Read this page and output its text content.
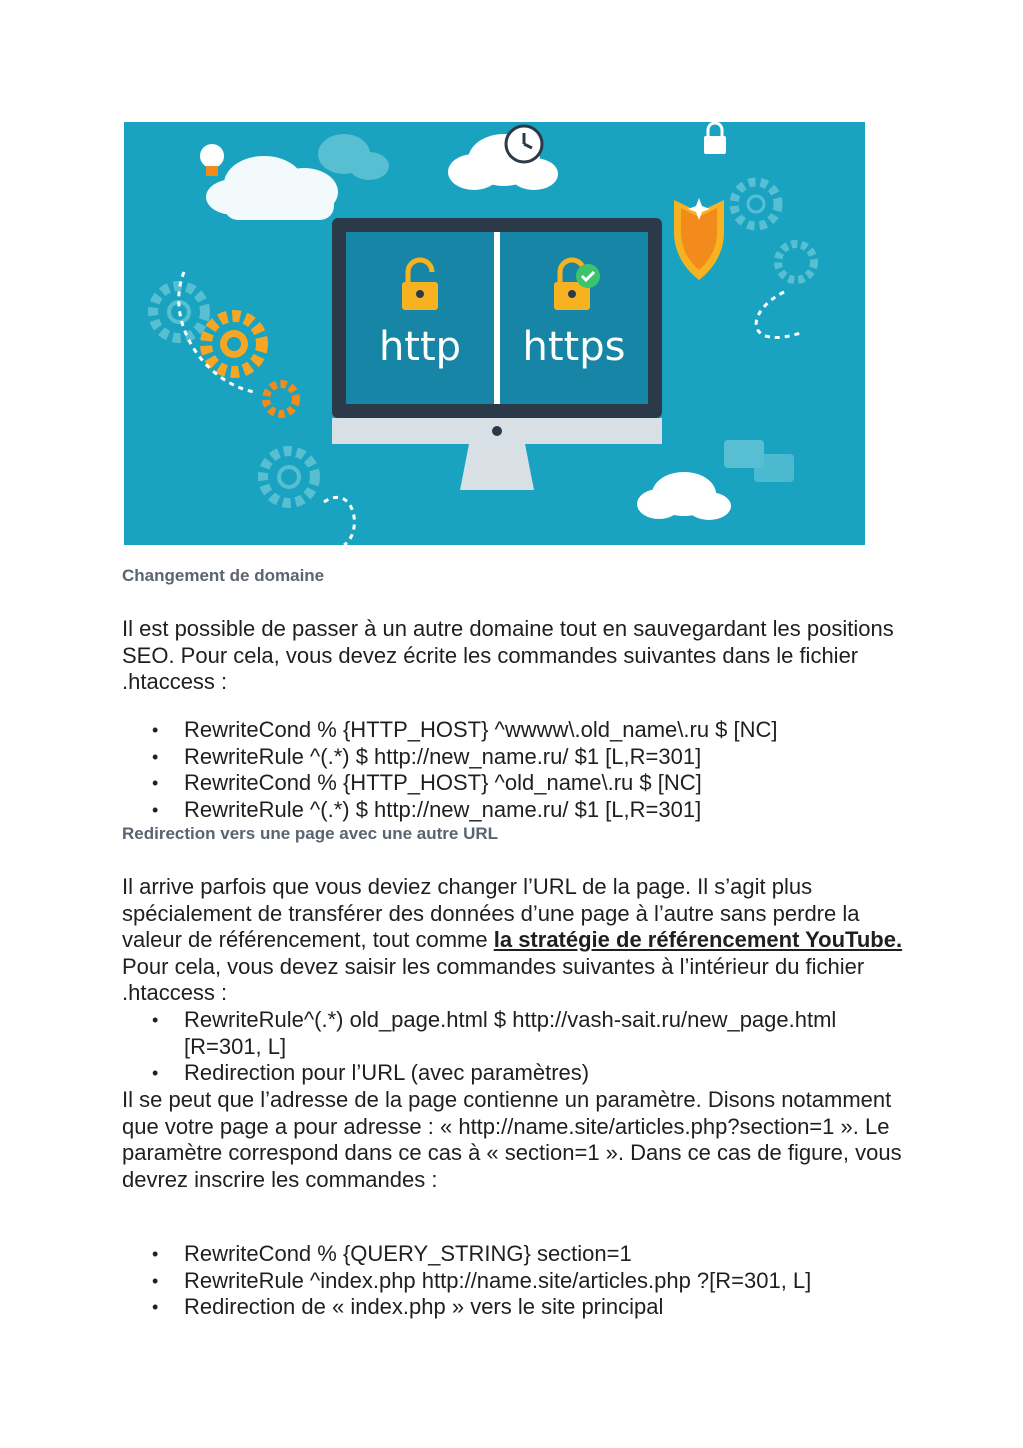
http https
Changement de domaine

Il est possible de passer à un autre domaine tout en sauvegardant les positions SEO. Pour cela, vous devez écrite les commandes suivantes dans le fichier .htaccess :

• RewriteCond % {HTTP_HOST} ^wwww\.old_name\.ru $ [NC]
• RewriteRule ^(.*) $ http://new_name.ru/ $1 [L,R=301]
• RewriteCond % {HTTP_HOST} ^old_name\.ru $ [NC]
• RewriteRule ^(.*) $ http://new_name.ru/ $1 [L,R=301]
Redirection vers une page avec une autre URL

Il arrive parfois que vous deviez changer l’URL de la page. Il s’agit plus spécialement de transférer des données d’une page à l’autre sans perdre la valeur de référencement, tout comme la stratégie de référencement YouTube. Pour cela, vous devez saisir les commandes suivantes à l’intérieur du fichier .htaccess :

• RewriteRule^(.*) old_page.html $ http://vash-sait.ru/new_page.html [R=301, L]
• Redirection pour l’URL (avec paramètres)

Il se peut que l’adresse de la page contienne un paramètre. Disons notamment que votre page a pour adresse : « http://name.site/articles.php?section=1 ». Le paramètre correspond dans ce cas à « section=1 ». Dans ce cas de figure, vous devrez inscrire les commandes :

• RewriteCond % {QUERY_STRING} section=1
• RewriteRule ^index.php http://name.site/articles.php ?[R=301, L]
• Redirection de « index.php » vers le site principal
